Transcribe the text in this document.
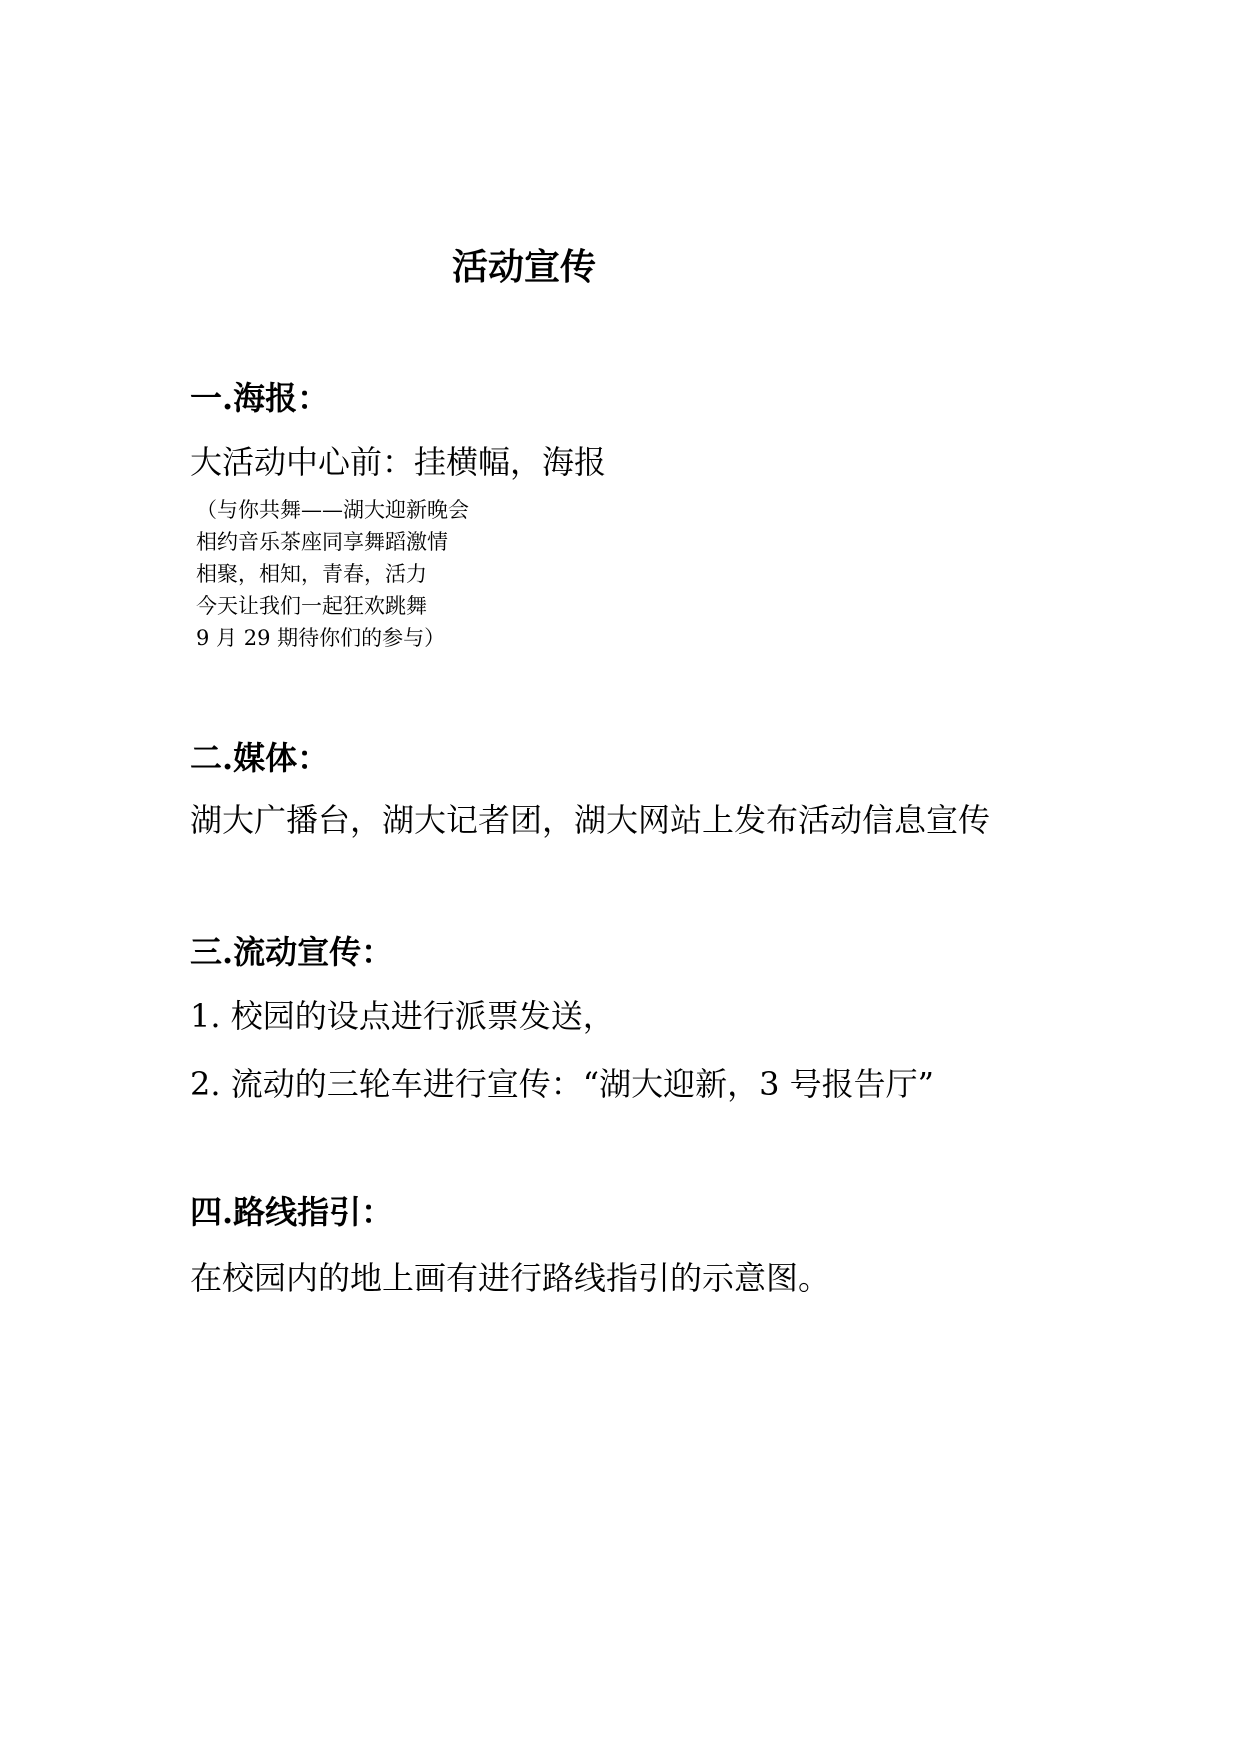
活动宣传
一.海报：
大活动中心前：挂横幅，海报
（与你共舞——湖大迎新晚会
相约音乐茶座同享舞蹈激情
相聚，相知，青春，活力
今天让我们一起狂欢跳舞
9 月 29 期待你们的参与）
二.媒体：
湖大广播台，湖大记者团，湖大网站上发布活动信息宣传
三.流动宣传：
1. 校园的设点进行派票发送，
2. 流动的三轮车进行宣传：“湖大迎新，3 号报告厅”
四.路线指引：
在校园内的地上画有进行路线指引的示意图。
